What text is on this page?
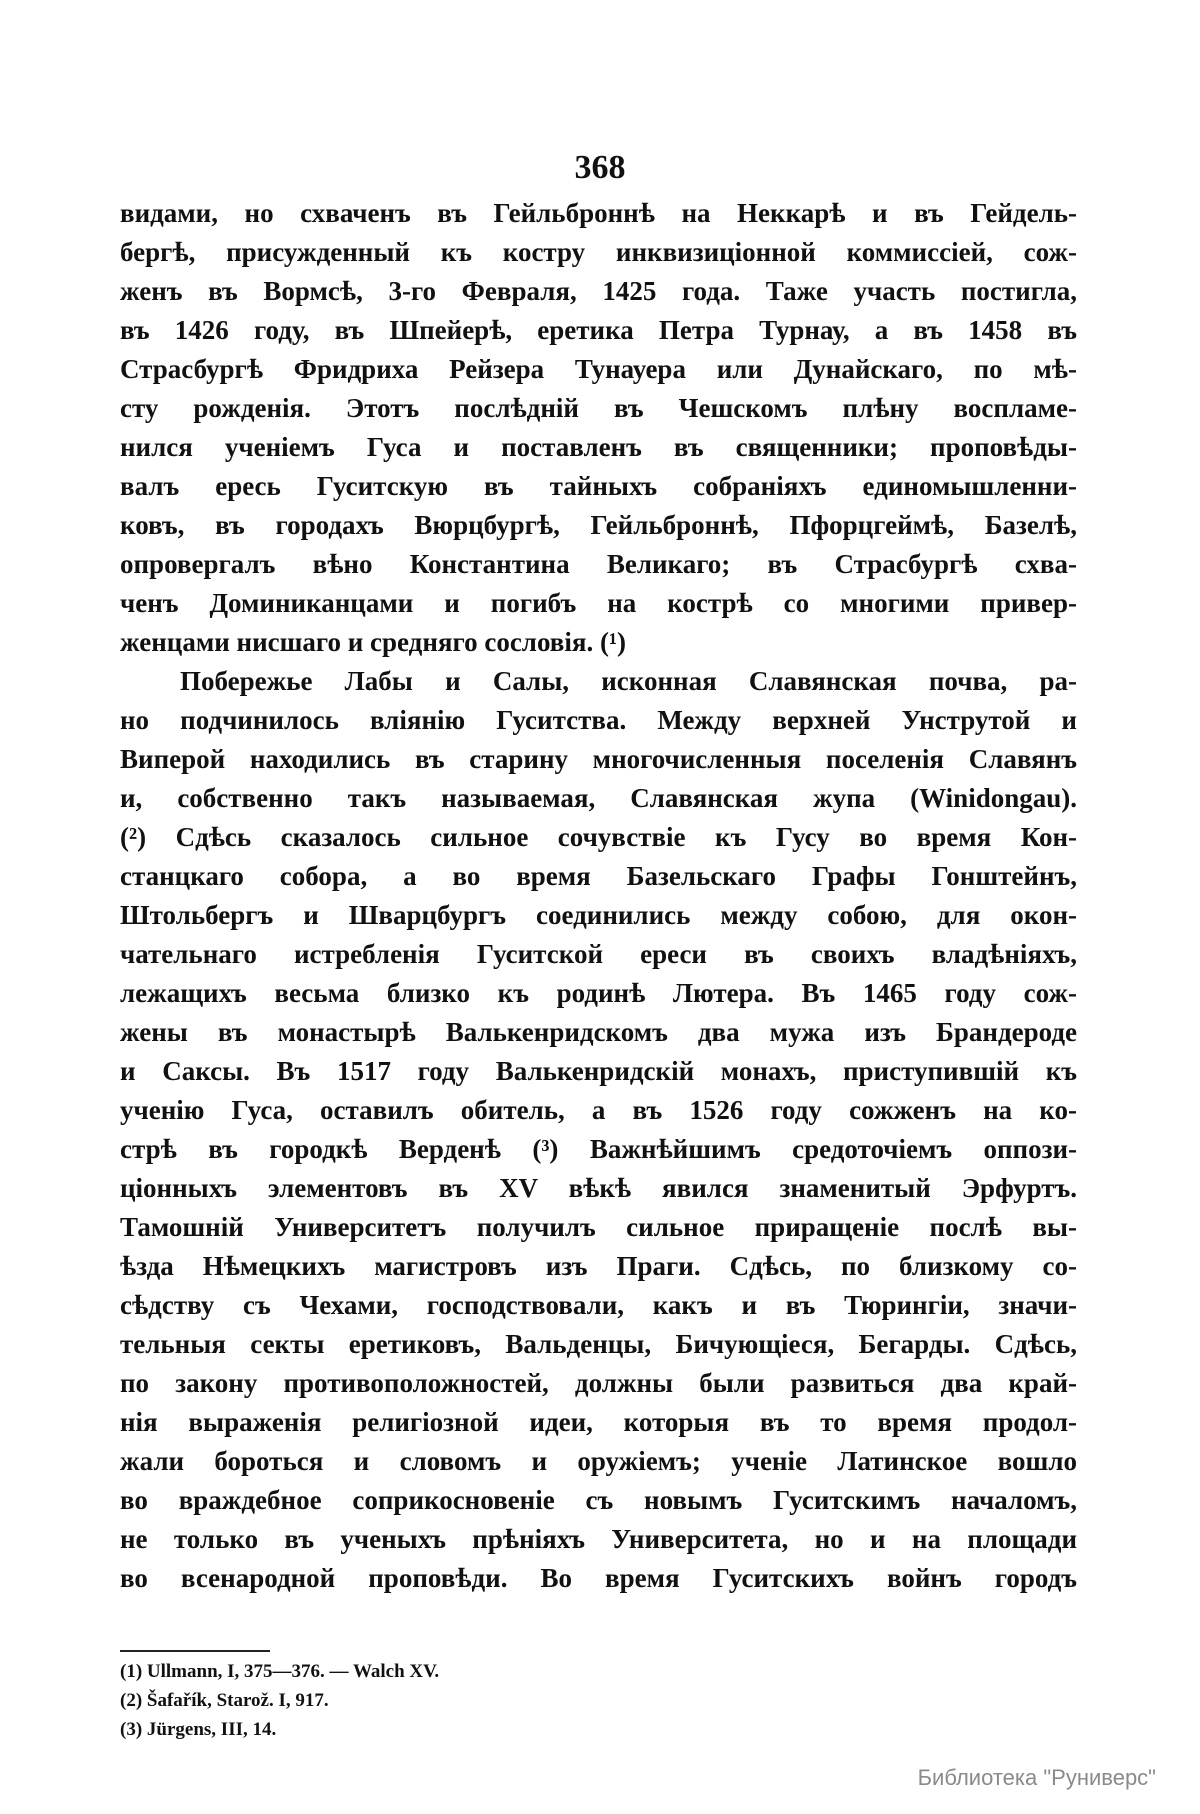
368
видами, но схваченъ въ Гейльброннѣ на Неккарѣ и въ Гейдель-
бергѣ, присужденный къ костру инквизиціонной коммиссіей, сож-
женъ въ Вормсѣ, 3-го Февраля, 1425 года. Таже участь постигла,
въ 1426 году, въ Шпейерѣ, еретика Петра Турнау, а въ 1458 въ
Страсбургѣ Фридриха Рейзера Тунауера или Дунайскаго, по мѣ-
сту рожденія. Этотъ послѣдній въ Чешскомъ плѣну воспламе-
нился ученіемъ Гуса и поставленъ въ священники; проповѣды-
валъ ересь Гуситскую въ тайныхъ собраніяхъ единомышленни-
ковъ, въ городахъ Вюрцбургѣ, Гейльброннѣ, Пфорцгеймѣ, Базелѣ,
опровергалъ вѣно Константина Великаго; въ Страсбургѣ схва-
ченъ Доминиканцами и погибъ на кострѣ со многими привер-
женцами нисшаго и средняго сословія. (¹)
Побережье Лабы и Салы, исконная Славянская почва, ра-
но подчинилось вліянію Гуситства. Между верхней Унструтой и
Виперой находились въ старину многочисленныя поселенія Славянъ
и, собственно такъ называемая, Славянская жупа (Winidongau).
(²) Сдѣсь сказалось сильное сочувствіе къ Гусу во время Кон-
станцкаго собора, а во время Базельскаго Графы Гонштейнъ,
Штольбергъ и Шварцбургъ соединились между собою, для окон-
чательнаго истребленія Гуситской ереси въ своихъ владѣніяхъ,
лежащихъ весьма близко къ родинѣ Лютера. Въ 1465 году сож-
жены въ монастырѣ Валькенридскомъ два мужа изъ Брандероде
и Саксы. Въ 1517 году Валькенридскій монахъ, приступившій къ
ученію Гуса, оставилъ обитель, а въ 1526 году сожженъ на ко-
стрѣ въ городкѣ Верденѣ (³) Важнѣйшимъ средоточіемъ оппози-
ціонныхъ элементовъ въ XV вѣкѣ явился знаменитый Эрфуртъ.
Тамошній Университетъ получилъ сильное приращеніе послѣ вы-
ѣзда Нѣмецкихъ магистровъ изъ Праги. Сдѣсь, по близкому со-
сѣдству съ Чехами, господствовали, какъ и въ Тюрингіи, значи-
тельныя секты еретиковъ, Вальденцы, Бичующіеся, Бегарды. Сдѣсь,
по закону противоположностей, должны были развиться два край-
нія выраженія религіозной идеи, которыя въ то время продол-
жали бороться и словомъ и оружіемъ; ученіе Латинское вошло
во враждебное соприкосновеніе съ новымъ Гуситскимъ началомъ,
не только въ ученыхъ прѣніяхъ Университета, но и на площади
во всенародной проповѣди. Во время Гуситскихъ войнъ городъ
(1) Ullmann, I, 375—376. — Walch XV.
(2) Šafařík, Starož. I, 917.
(3) Jürgens, III, 14.
Библиотека "Руниверс"
